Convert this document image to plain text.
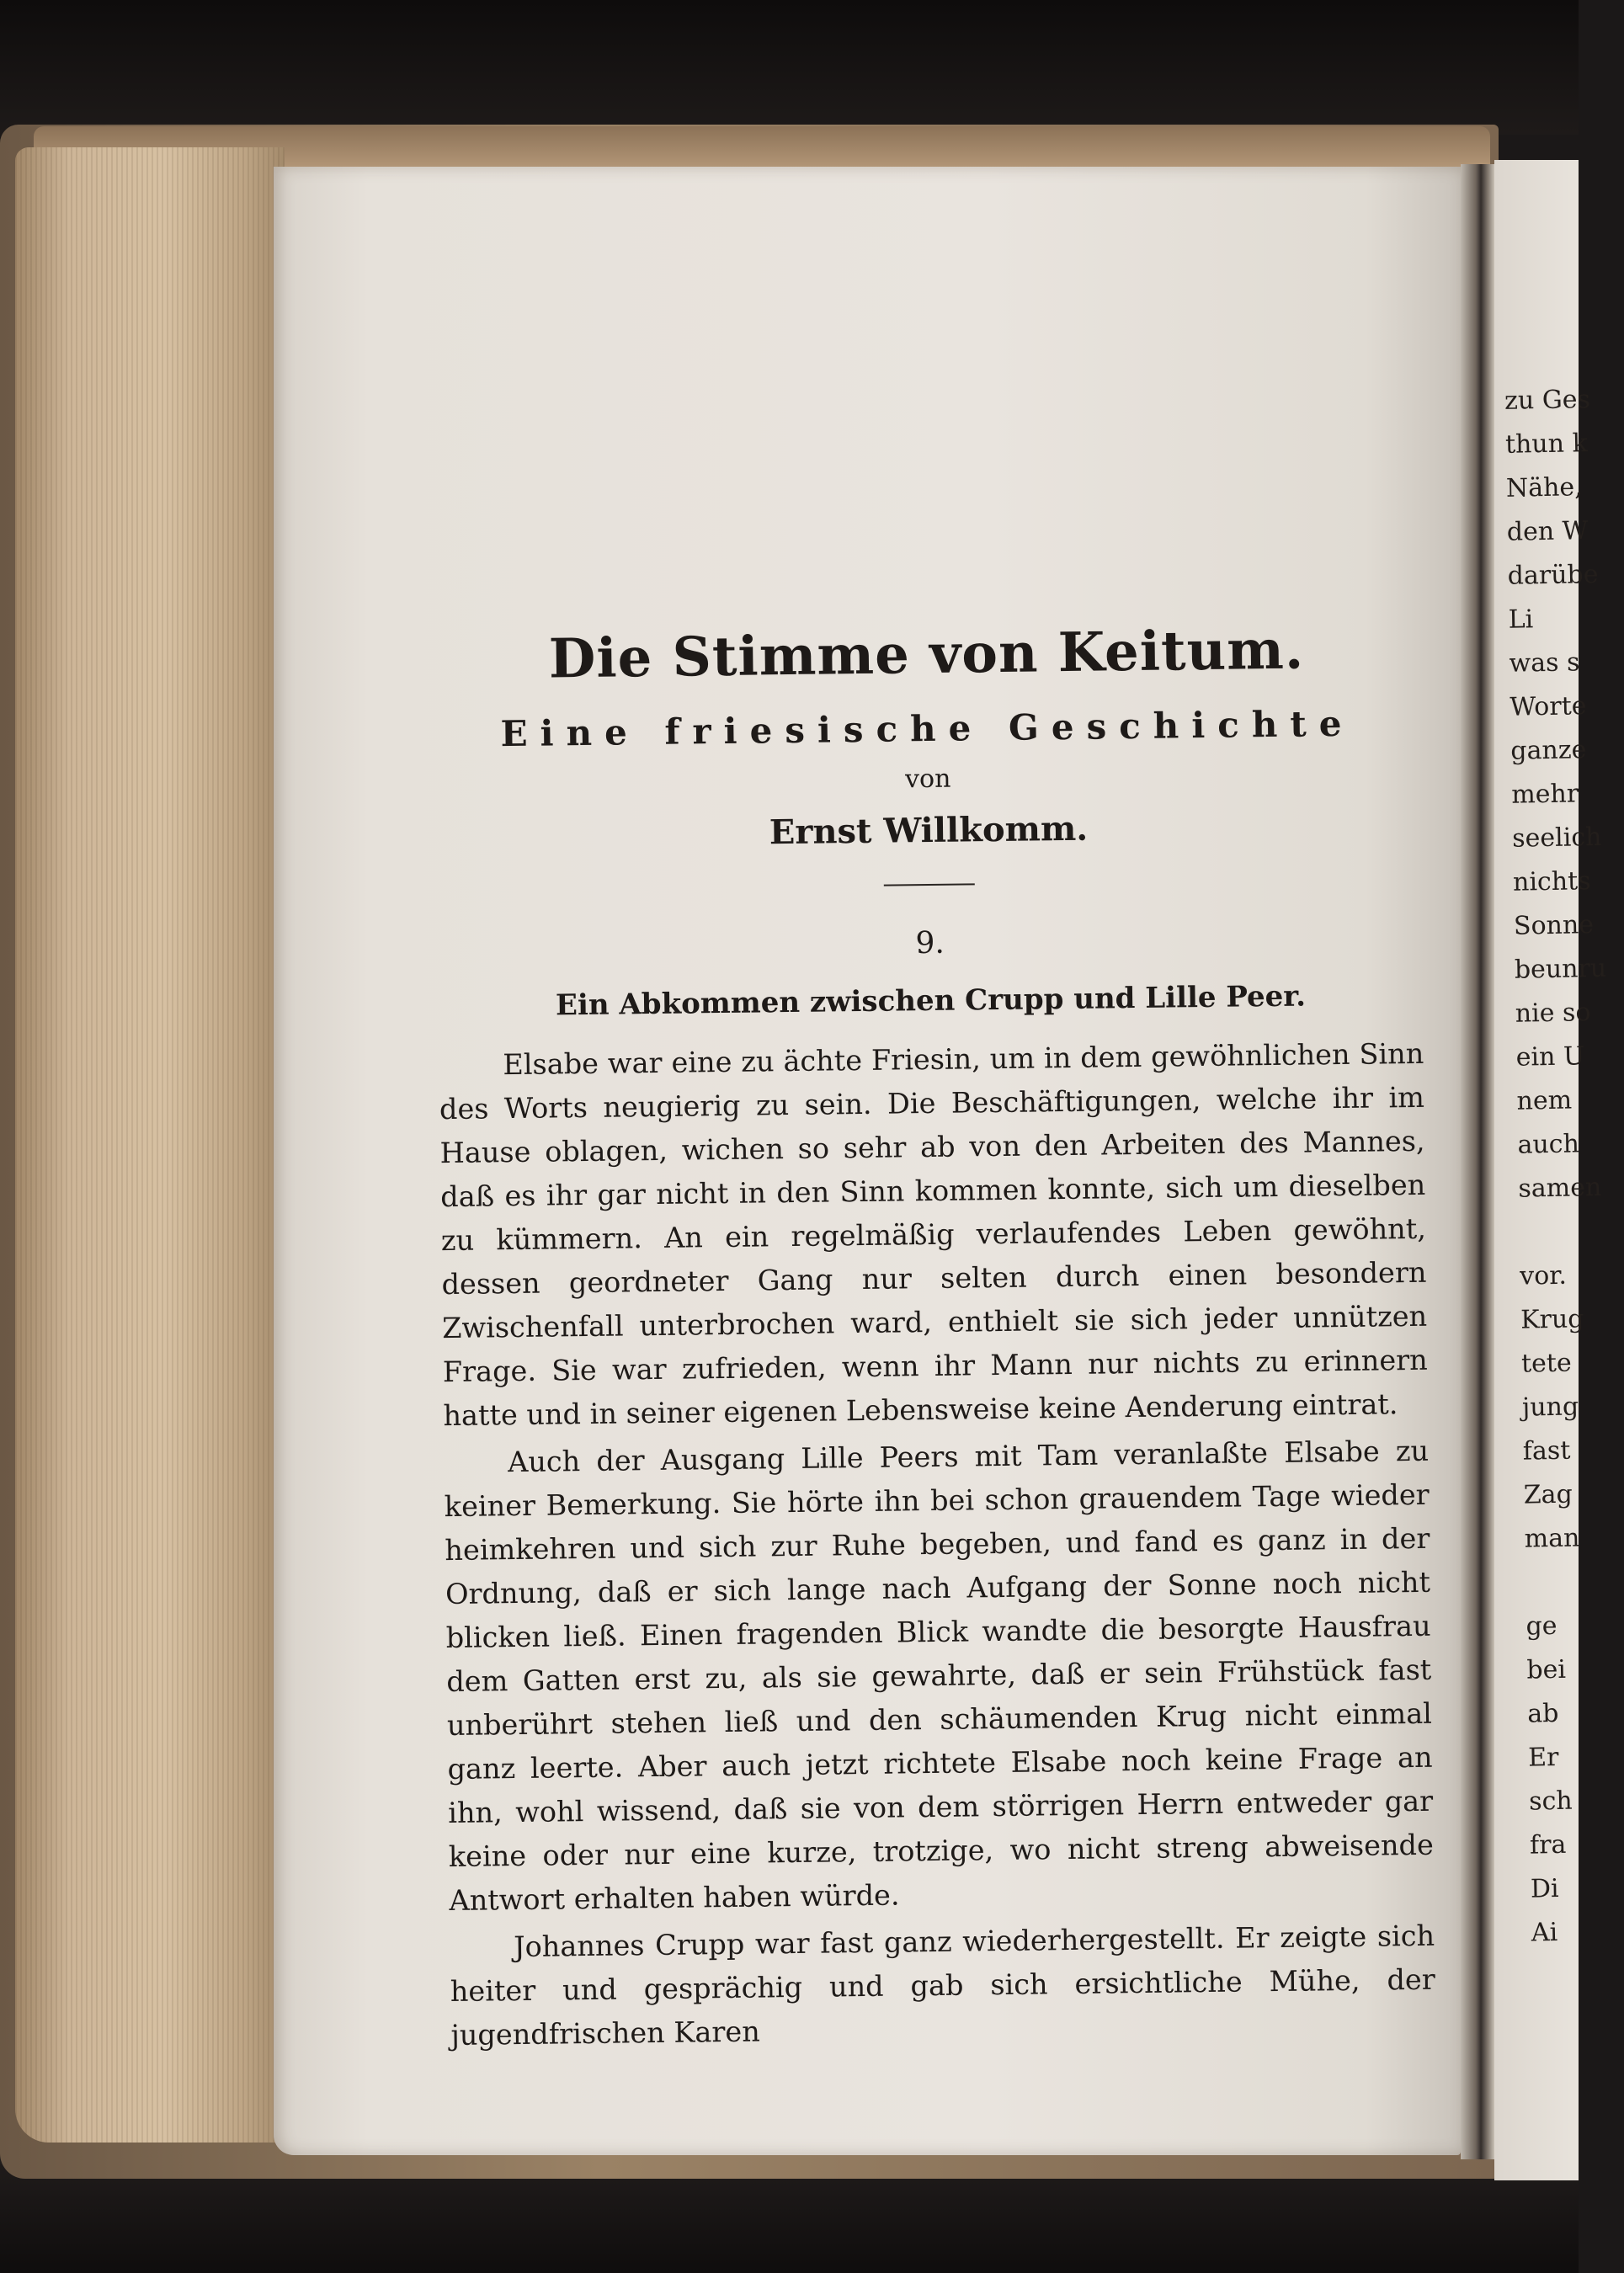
Die Stimme von Keitum.
Eine friesische Geschichte
von
Ernst Willkomm.
9.
Ein Abkommen zwischen Crupp und Lille Peer.

Elsabe war eine zu ächte Friesin, um in dem gewöhnlichen Sinn des Worts neugierig zu sein. Die Beschäftigungen, welche ihr im Hause oblagen, wichen so sehr ab von den Arbeiten des Mannes, daß es ihr gar nicht in den Sinn kommen konnte, sich um dieselben zu kümmern. An ein regelmäßig verlaufendes Leben gewöhnt, dessen geordneter Gang nur selten durch einen besondern Zwischenfall unterbrochen ward, enthielt sie sich jeder unnützen Frage. Sie war zufrieden, wenn ihr Mann nur nichts zu erinnern hatte und in seiner eigenen Lebensweise keine Aenderung eintrat.

Auch der Ausgang Lille Peers mit Tam veranlaßte Elsabe zu keiner Bemerkung. Sie hörte ihn bei schon grauendem Tage wieder heimkehren und sich zur Ruhe begeben, und fand es ganz in der Ordnung, daß er sich lange nach Aufgang der Sonne noch nicht blicken ließ. Einen fragenden Blick wandte die besorgte Hausfrau dem Gatten erst zu, als sie gewahrte, daß er sein Frühstück fast unberührt stehen ließ und den schäumenden Krug nicht einmal ganz leerte. Aber auch jetzt richtete Elsabe noch keine Frage an ihn, wohl wissend, daß sie von dem störrigen Herrn entweder gar keine oder nur eine kurze, trotzige, wo nicht streng abweisende Antwort erhalten haben würde.

Johannes Crupp war fast ganz wiederhergestellt. Er zeigte sich heiter und gesprächig und gab sich ersichtliche Mühe, der jugendfrischen Karen

zu Ges
thun k
Nähe,
den W
darübe
Li
was s
Worte
ganze
mehr
seelich
nichts
Sonne
beunru
nie so
ein U
nem
auch
samen
vor.
Krug
tete
jung
fast
Zag
man
ge
bei
ab
Er
sch
fra
Di
Ai
